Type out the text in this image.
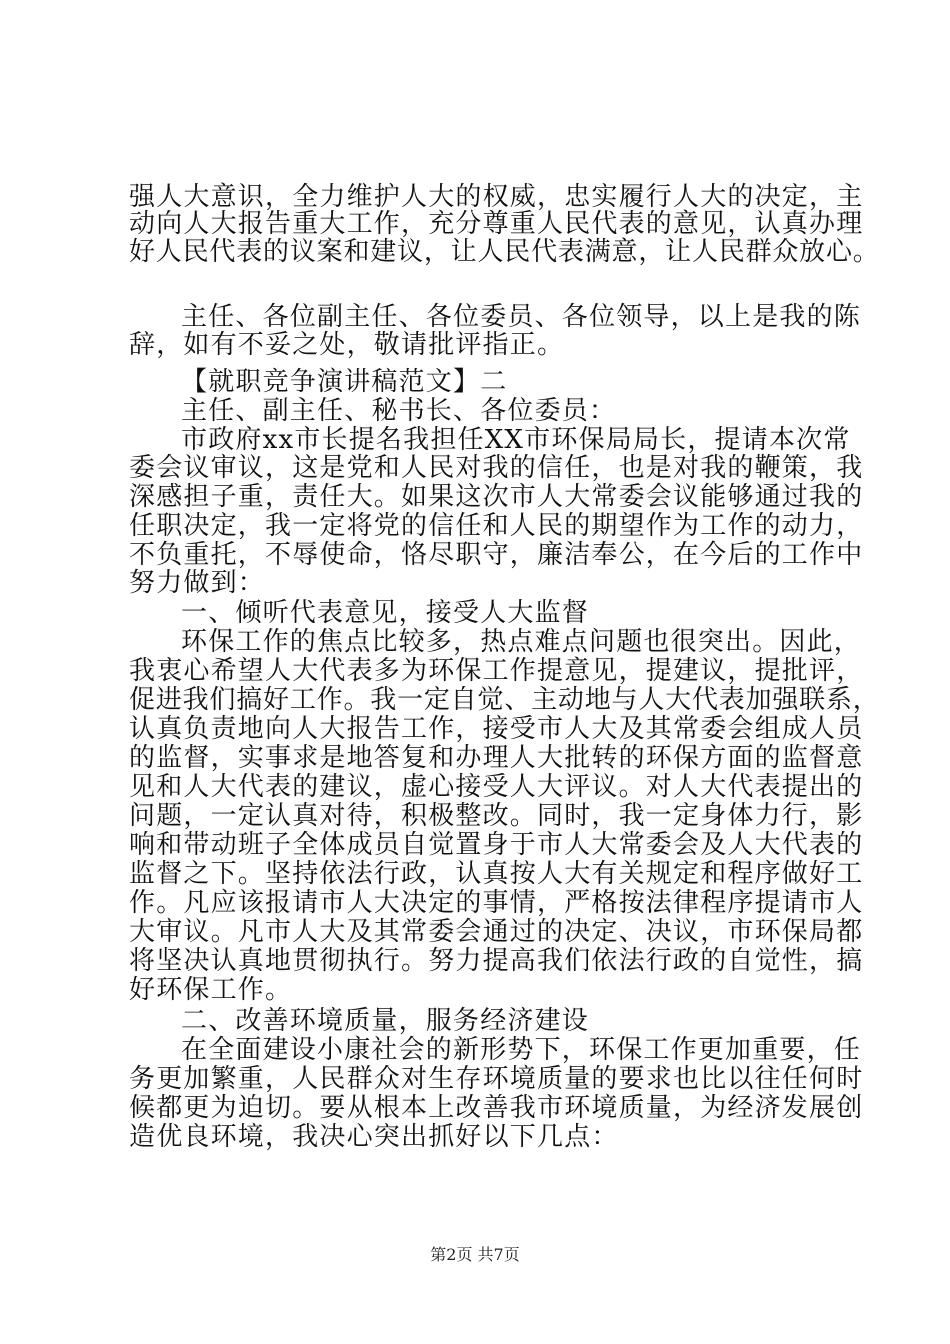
强人大意识，全力维护人大的权威，忠实履行人大的决定，主
动向人大报告重大工作，充分尊重人民代表的意见，认真办理
好人民代表的议案和建议，让人民代表满意，让人民群众放心。
主任、各位副主任、各位委员、各位领导，以上是我的陈
辞，如有不妥之处，敬请批评指正。
【就职竞争演讲稿范文】二
主任、副主任、秘书长、各位委员：
市政府xx市长提名我担任XX市环保局局长，提请本次常
委会议审议，这是党和人民对我的信任，也是对我的鞭策，我
深感担子重，责任大。如果这次市人大常委会议能够通过我的
任职决定，我一定将党的信任和人民的期望作为工作的动力，
不负重托，不辱使命，恪尽职守，廉洁奉公，在今后的工作中
努力做到：
一、倾听代表意见，接受人大监督
环保工作的焦点比较多，热点难点问题也很突出。因此，
我衷心希望人大代表多为环保工作提意见，提建议，提批评，
促进我们搞好工作。我一定自觉、主动地与人大代表加强联系，
认真负责地向人大报告工作，接受市人大及其常委会组成人员
的监督，实事求是地答复和办理人大批转的环保方面的监督意
见和人大代表的建议，虚心接受人大评议。对人大代表提出的
问题，一定认真对待，积极整改。同时，我一定身体力行，影
响和带动班子全体成员自觉置身于市人大常委会及人大代表的
监督之下。坚持依法行政，认真按人大有关规定和程序做好工
作。凡应该报请市人大决定的事情，严格按法律程序提请市人
大审议。凡市人大及其常委会通过的决定、决议，市环保局都
将坚决认真地贯彻执行。努力提高我们依法行政的自觉性，搞
好环保工作。
二、改善环境质量，服务经济建设
在全面建设小康社会的新形势下，环保工作更加重要，任
务更加繁重，人民群众对生存环境质量的要求也比以往任何时
候都更为迫切。要从根本上改善我市环境质量，为经济发展创
造优良环境，我决心突出抓好以下几点：
第2页 共7页
